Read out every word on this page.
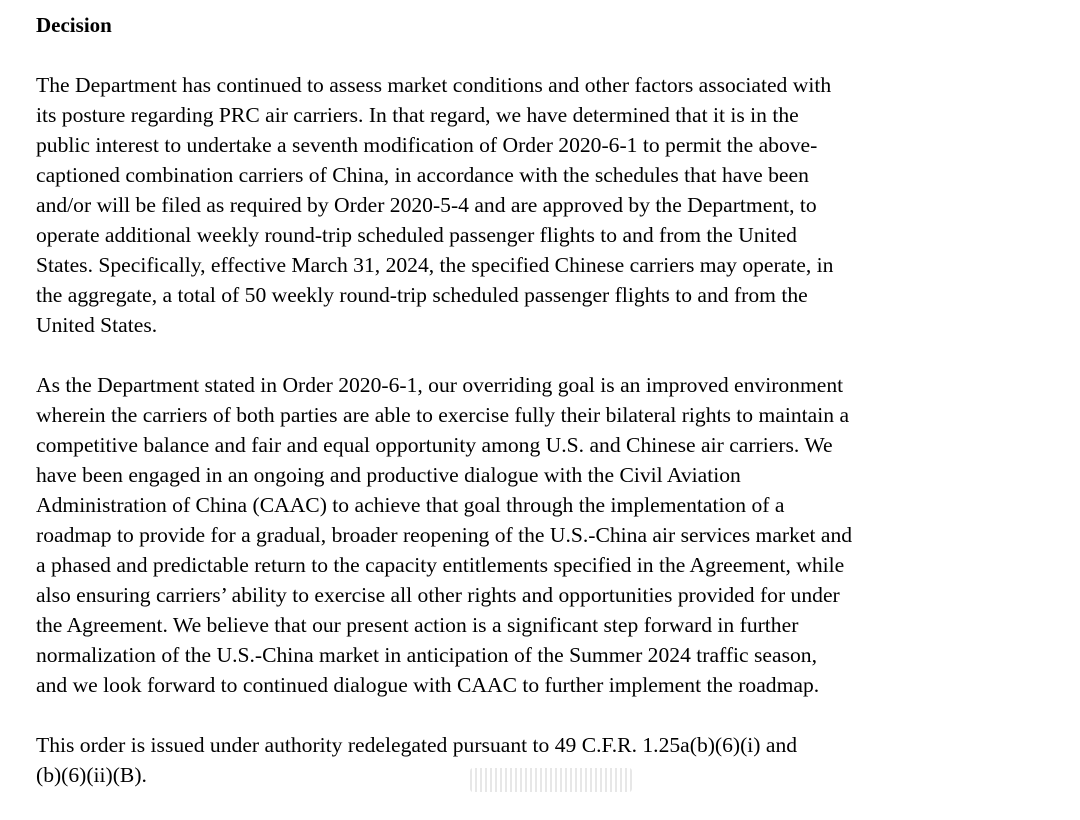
Decision
The Department has continued to assess market conditions and other factors associated with
its posture regarding PRC air carriers. In that regard, we have determined that it is in the
public interest to undertake a seventh modification of Order 2020-6-1 to permit the above-
captioned combination carriers of China, in accordance with the schedules that have been
and/or will be filed as required by Order 2020-5-4 and are approved by the Department, to
operate additional weekly round-trip scheduled passenger flights to and from the United
States. Specifically, effective March 31, 2024, the specified Chinese carriers may operate, in
the aggregate, a total of 50 weekly round-trip scheduled passenger flights to and from the
United States.
As the Department stated in Order 2020-6-1, our overriding goal is an improved environment
wherein the carriers of both parties are able to exercise fully their bilateral rights to maintain a
competitive balance and fair and equal opportunity among U.S. and Chinese air carriers. We
have been engaged in an ongoing and productive dialogue with the Civil Aviation
Administration of China (CAAC) to achieve that goal through the implementation of a
roadmap to provide for a gradual, broader reopening of the U.S.-China air services market and
a phased and predictable return to the capacity entitlements specified in the Agreement, while
also ensuring carriers’ ability to exercise all other rights and opportunities provided for under
the Agreement. We believe that our present action is a significant step forward in further
normalization of the U.S.-China market in anticipation of the Summer 2024 traffic season,
and we look forward to continued dialogue with CAAC to further implement the roadmap.
This order is issued under authority redelegated pursuant to 49 C.F.R. 1.25a(b)(6)(i) and
(b)(6)(ii)(B).
